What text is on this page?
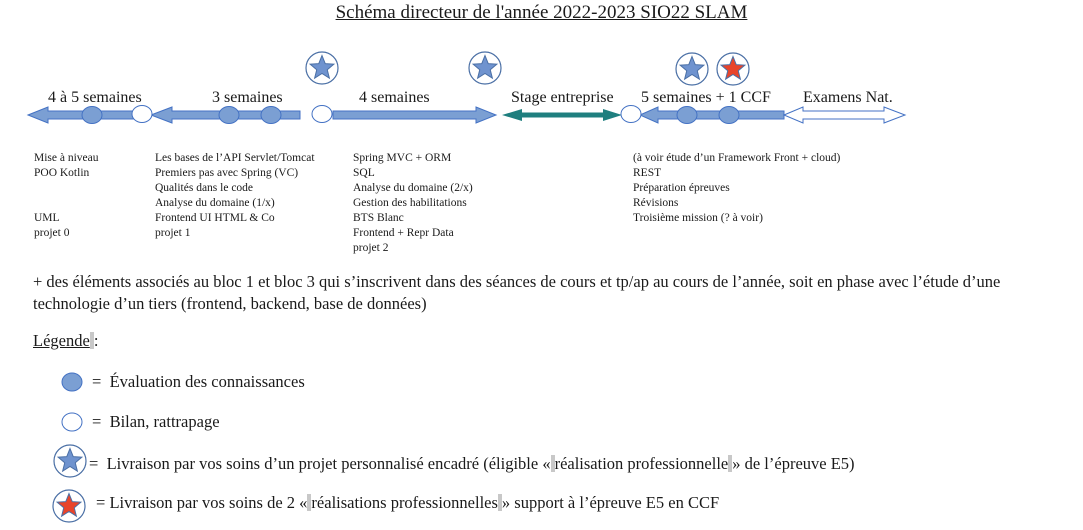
Schéma directeur de l'année 2022-2023 SIO22 SLAM
4 à 5 semaines	3 semaines	4 semaines	Stage entreprise 5 semaines + 1 CCF Examens Nat.
Mise à niveau
POO Kotlin
UML
projet 0
Les bases de l’API Servlet/Tomcat
Premiers pas avec Spring (VC)
Qualités dans le code
Analyse du domaine (1/x)
Frontend UI HTML & Co
projet 1
Spring MVC + ORM
SQL
Analyse du domaine (2/x)
Gestion des habilitations
BTS Blanc
Frontend + Repr Data
projet 2
(à voir étude d’un Framework Front + cloud)
REST
Préparation épreuves
Révisions
Troisième mission (? à voir)
+ des éléments associés au bloc 1 et bloc 3 qui s’inscrivent dans des séances de cours et tp/ap au cours de l’année, soit en phase avec l’étude d’une
technologie d’un tiers (frontend, backend, base de données)
Légende :
= Évaluation des connaissances
= Bilan, rattrapage
= Livraison par vos soins d’un projet personnalisé encadré (éligible « réalisation professionnelle » de l’épreuve E5)
= Livraison par vos soins de 2 « réalisations professionnelles » support à l’épreuve E5 en CCF
